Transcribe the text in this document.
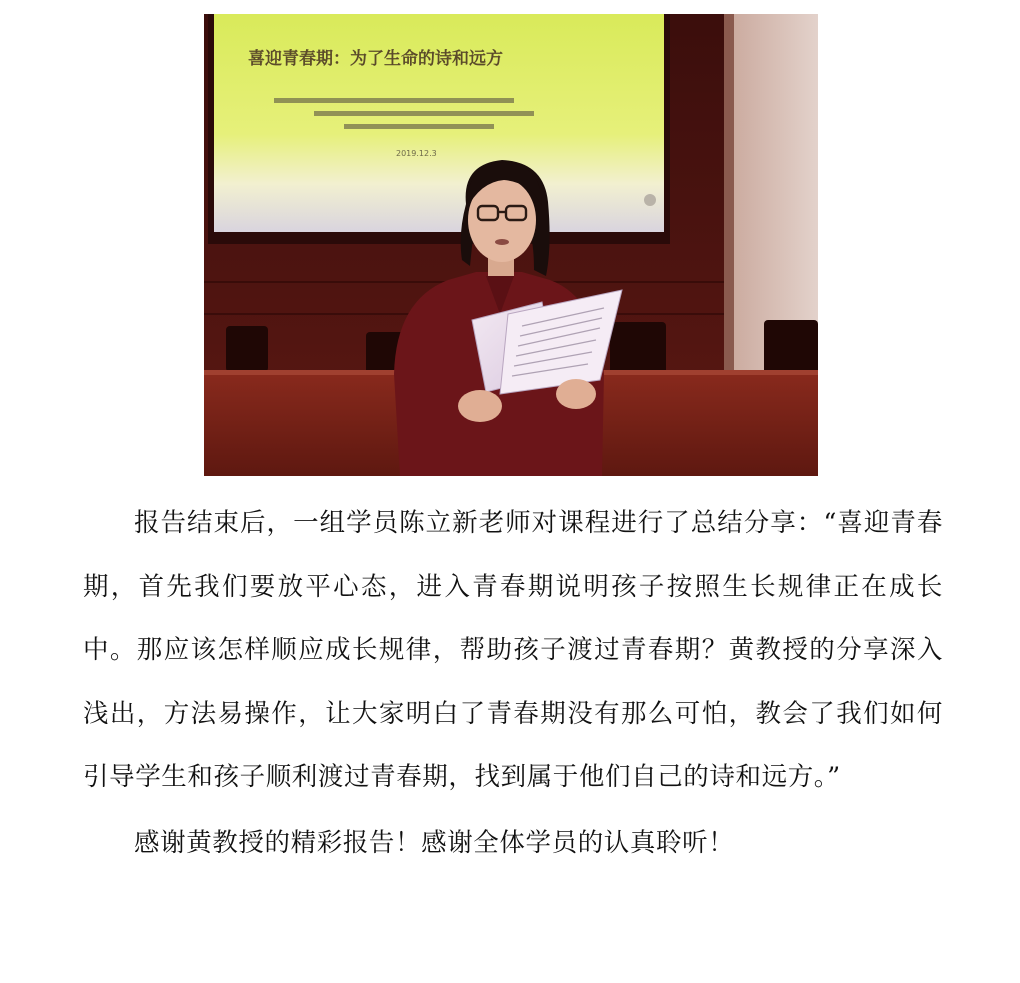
喜迎青春期：为了生命的诗和远方
2019.12.3

报告结束后，一组学员陈立新老师对课程进行了总结分享：“喜迎青春期，首先我们要放平心态，进入青春期说明孩子按照生长规律正在成长中。那应该怎样顺应成长规律，帮助孩子渡过青春期？黄教授的分享深入浅出，方法易操作，让大家明白了青春期没有那么可怕，教会了我们如何引导学生和孩子顺利渡过青春期，找到属于他们自己的诗和远方。”

感谢黄教授的精彩报告！感谢全体学员的认真聆听！
